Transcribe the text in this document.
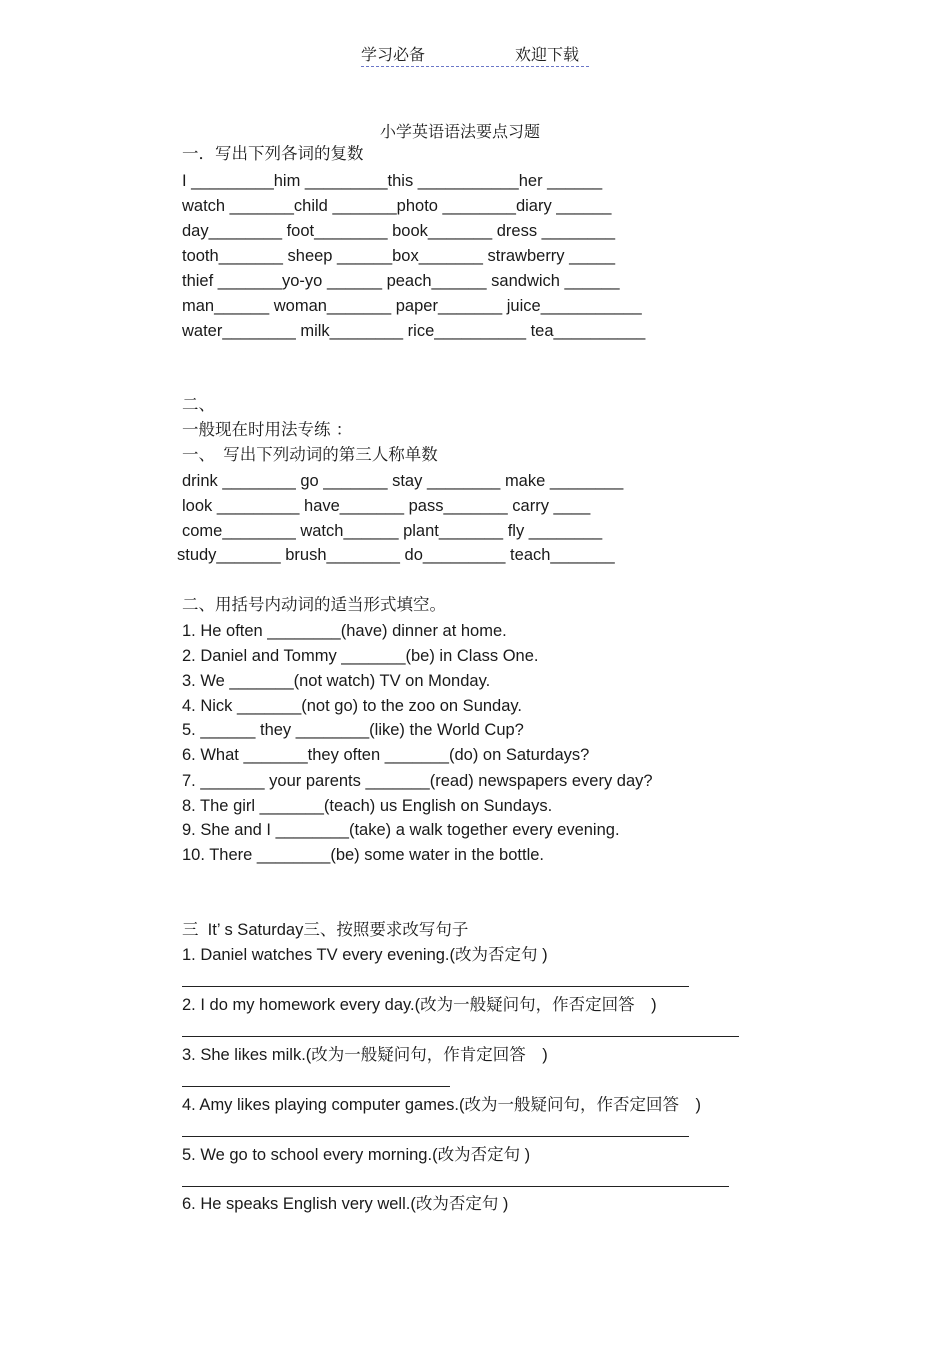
学习必备	欢迎下载
小学英语语法要点习题
一．写出下列各词的复数
I _________him _________this ___________her ______
watch _______child _______photo ________diary ______
day________ foot________ book_______ dress ________
tooth_______ sheep ______box_______ strawberry _____
thief _______yo-yo ______ peach______ sandwich ______
man______ woman_______ paper_______ juice___________
water________ milk________ rice__________ tea__________
二、
一般现在时用法专练 ：
一、　写出下列动词的第三人称单数
drink ________ go _______ stay ________ make ________
look _________ have_______ pass_______ carry ____
come________ watch______ plant_______ fly ________
study_______ brush________ do_________ teach_______
二、用括号内动词的适当形式填空。
1. He often ________(have) dinner at home.
2. Daniel and Tommy _______(be) in Class One.
3. We _______(not watch) TV on Monday.
4. Nick _______(not go) to the zoo on Sunday.
5. ______ they ________(like) the World Cup?
6. What _______they often _______(do) on Saturdays?
7. _______ your parents _______(read) newspapers every day?
8. The girl _______(teach) us English on Sundays.
9. She and I ________(take) a walk together every evening.
10. There ________(be) some water in the bottle.
三  It’ s Saturday三、按照要求改写句子
1. Daniel watches TV every evening.(改为否定句 )
2. I do my homework every day.(改为一般疑问句，作否定回答　)
3. She likes milk.(改为一般疑问句，作肯定回答　)
4. Amy likes playing computer games.(改为一般疑问句，作否定回答　)
5. We go to school every morning.(改为否定句 )
6. He speaks English very well.(改为否定句 )
